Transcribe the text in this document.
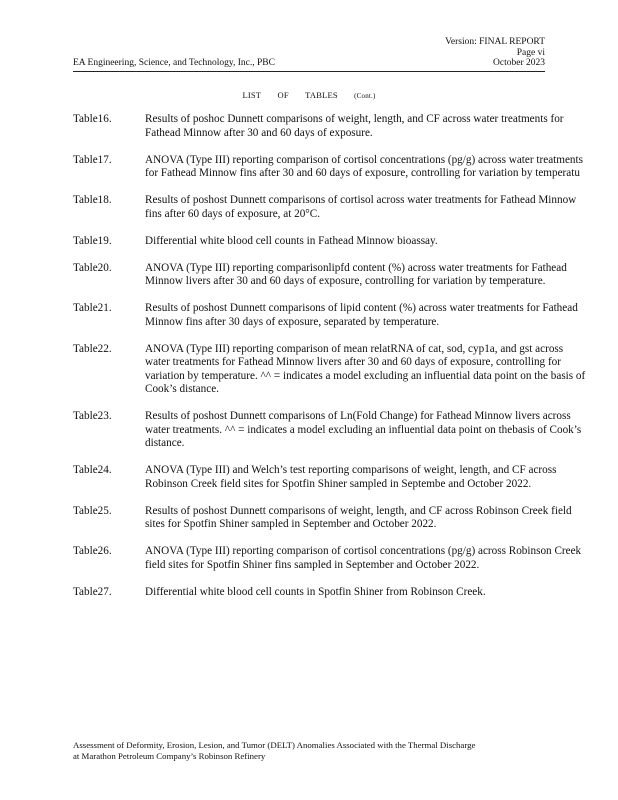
Version: FINAL REPORT
Page vi
October 2023
EA Engineering, Science, and Technology, Inc., PBC
LIST OF TABLES (Cont.)
Table16.	Results of poshoc Dunnett comparisons of weight, length, and CF across water treatments for Fathead Minnow after 30 and 60 days of exposure.
Table17.	ANOVA (Type III) reporting comparison of cortisol concentrations (pg/g) across water treatments for Fathead Minnow fins after 30 and 60 days of exposure, controlling for variation by temperatu
Table18.	Results of poshost Dunnett comparisons of cortisol across water treatments for Fathead Minnow fins after 60 days of exposure, at 20°C.
Table19.	Differential white blood cell counts in Fathead Minnow bioassay.
Table20.	ANOVA (Type III) reporting comparisonlipfd content (%) across water treatments for Fathead Minnow livers after 30 and 60 days of exposure, controlling for variation by temperature.
Table21.	Results of poshost Dunnett comparisons of lipid content (%) across water treatments for Fathead Minnow fins after 30 days of exposure, separated by temperature.
Table22.	ANOVA (Type III) reporting comparison of mean relatRNA of cat, sod, cyp1a, and gst across water treatments for Fathead Minnow livers after 30 and 60 days of exposure, controlling for variation by temperature. ^^ = indicates a model excluding an influential data point on the basis of Cook’s distance.
Table23.	Results of poshost Dunnett comparisons of Ln(Fold Change) for Fathead Minnow livers across water treatments. ^^ = indicates a model excluding an influential data point on thebasis of Cook’s distance.
Table24.	ANOVA (Type III) and Welch’s test reporting comparisons of weight, length, and CF across Robinson Creek field sites for Spotfin Shiner sampled in Septembe and October 2022.
Table25.	Results of poshost Dunnett comparisons of weight, length, and CF across Robinson Creek field sites for Spotfin Shiner sampled in September and October 2022.
Table26.	ANOVA (Type III) reporting comparison of cortisol concentrations (pg/g) across Robinson Creek field sites for Spotfin Shiner fins sampled in September and October 2022.
Table27.	Differential white blood cell counts in Spotfin Shiner from Robinson Creek.
Assessment of Deformity, Erosion, Lesion, and Tumor (DELT) Anomalies Associated with the Thermal Discharge
at Marathon Petroleum Company’s Robinson Refinery
